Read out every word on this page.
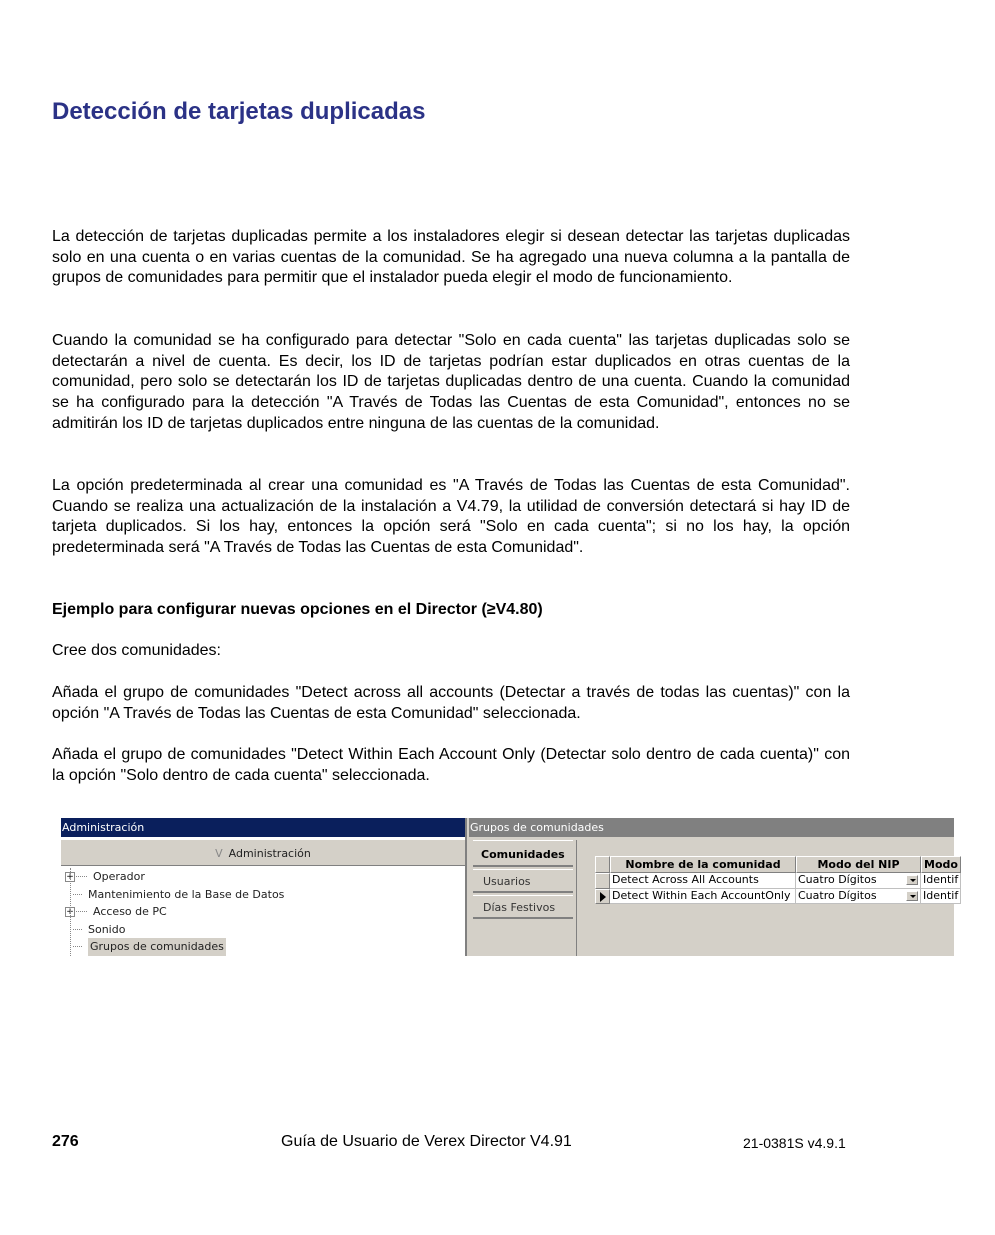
Detección de tarjetas duplicadas

La detección de tarjetas duplicadas permite a los instaladores elegir si desean detectar las tarjetas duplicadas solo en una cuenta o en varias cuentas de la comunidad. Se ha agregado una nueva columna a la pantalla de grupos de comunidades para permitir que el instalador pueda elegir el modo de funcionamiento.

Cuando la comunidad se ha configurado para detectar "Solo en cada cuenta" las tarjetas duplicadas solo se detectarán a nivel de cuenta. Es decir, los ID de tarjetas podrían estar duplicados en otras cuentas de la comunidad, pero solo se detectarán los ID de tarjetas duplicadas dentro de una cuenta. Cuando la comunidad se ha configurado para la detección "A Través de Todas las Cuentas de esta Comunidad", entonces no se admitirán los ID de tarjetas duplicados entre ninguna de las cuentas de la comunidad.

La opción predeterminada al crear una comunidad es "A Través de Todas las Cuentas de esta Comunidad". Cuando se realiza una actualización de la instalación a V4.79, la utilidad de conversión detectará si hay ID de tarjeta duplicados. Si los hay, entonces la opción será "Solo en cada cuenta"; si no los hay, la opción predeterminada será "A Través de Todas las Cuentas de esta Comunidad".

Ejemplo para configurar nuevas opciones en el Director (≥V4.80)

Cree dos comunidades:

Añada el grupo de comunidades "Detect across all accounts (Detectar a través de todas las cuentas)" con la opción "A Través de Todas las Cuentas de esta Comunidad" seleccionada.

Añada el grupo de comunidades "Detect Within Each Account Only (Detectar solo dentro de cada cuenta)" con la opción "Solo dentro de cada cuenta" seleccionada.

Administración
V Administración
+ Operador
Mantenimiento de la Base de Datos
+ Acceso de PC
Sonido
Grupos de comunidades
Grupos de comunidades
Comunidades
Usuarios
Días Festivos
Nombre de la comunidad	Modo del NIP	Modo
Detect Across All Accounts	Cuatro Dígitos	Identif
Detect Within Each AccountOnly Cuatro Dígitos	Identif
276	Guía de Usuario de Verex Director V4.91	21-0381S v4.9.1
